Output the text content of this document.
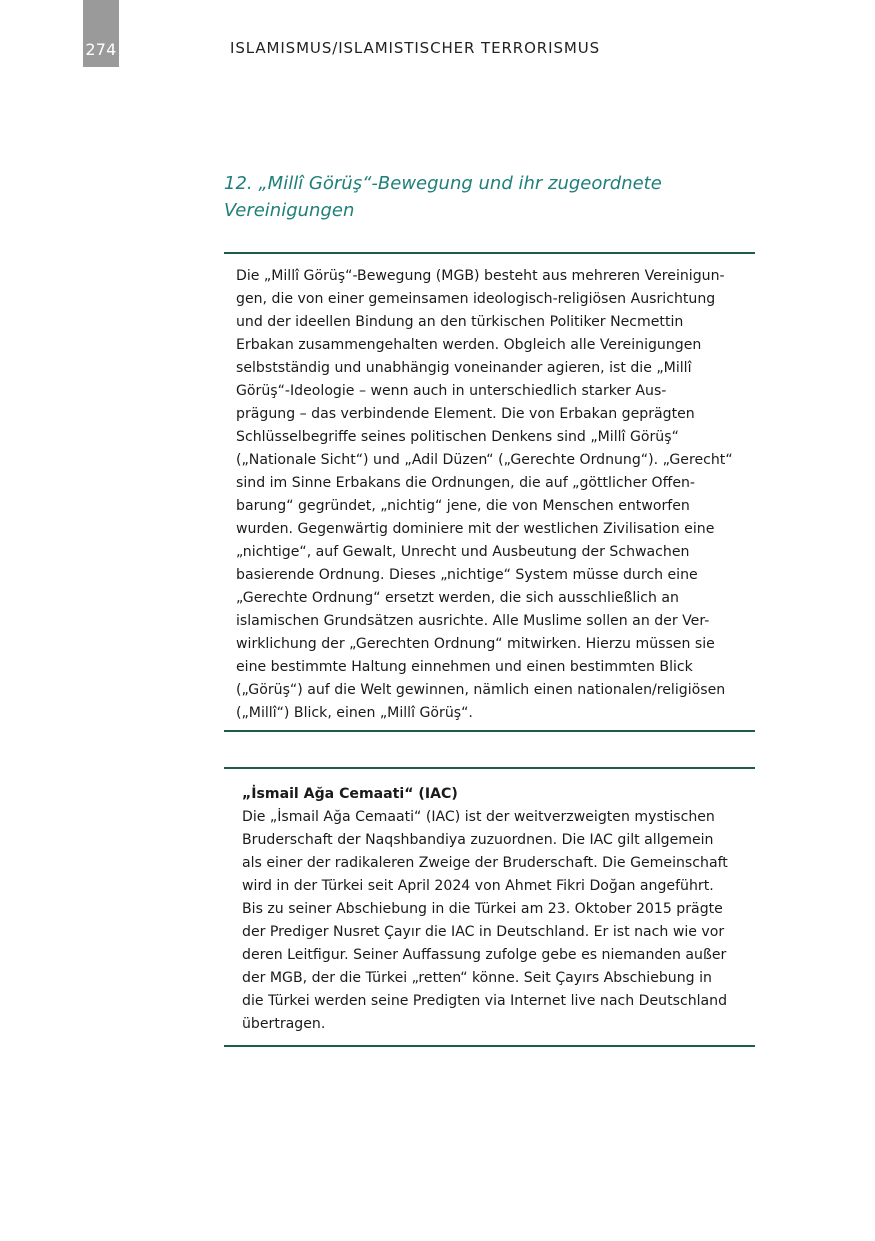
274	ISLAMISMUS/ISLAMISTISCHER TERRORISMUS
12. „Millî Görüş“-Bewegung und ihr zugeordnete
Vereinigungen

Die „Millî Görüş“-Bewegung (MGB) besteht aus mehreren Vereinigun-
gen, die von einer gemeinsamen ideologisch-religiösen Ausrichtung
und der ideellen Bindung an den türkischen Politiker Necmettin
Erbakan zusammengehalten werden. Obgleich alle Vereinigungen
selbstständig und unabhängig voneinander agieren, ist die „Millî
Görüş“-Ideologie – wenn auch in unterschiedlich starker Aus-
prägung – das verbindende Element. Die von Erbakan geprägten
Schlüsselbegriffe seines politischen Denkens sind „Millî Görüş“
(„Nationale Sicht“) und „Adil Düzen“ („Gerechte Ordnung“). „Gerecht“
sind im Sinne Erbakans die Ordnungen, die auf „göttlicher Offen-
barung“ gegründet, „nichtig“ jene, die von Menschen entworfen
wurden. Gegenwärtig dominiere mit der westlichen Zivilisation eine
„nichtige“, auf Gewalt, Unrecht und Ausbeutung der Schwachen
basierende Ordnung. Dieses „nichtige“ System müsse durch eine
„Gerechte Ordnung“ ersetzt werden, die sich ausschließlich an
islamischen Grundsätzen ausrichte. Alle Muslime sollen an der Ver-
wirklichung der „Gerechten Ordnung“ mitwirken. Hierzu müssen sie
eine bestimmte Haltung einnehmen und einen bestimmten Blick
(„Görüş“) auf die Welt gewinnen, nämlich einen nationalen/religiösen
(„Millî“) Blick, einen „Millî Görüş“.

„İsmail Ağa Cemaati“ (IAC)

Die „İsmail Ağa Cemaati“ (IAC) ist der weitverzweigten mystischen
Bruderschaft der Naqshbandiya zuzuordnen. Die IAC gilt allgemein
als einer der radikaleren Zweige der Bruderschaft. Die Gemeinschaft
wird in der Türkei seit April 2024 von Ahmet Fikri Doğan angeführt.
Bis zu seiner Abschiebung in die Türkei am 23. Oktober 2015 prägte
der Prediger Nusret Çayır die IAC in Deutschland. Er ist nach wie vor
deren Leitfigur. Seiner Auffassung zufolge gebe es niemanden außer
der MGB, der die Türkei „retten“ könne. Seit Çayırs Abschiebung in
die Türkei werden seine Predigten via Internet live nach Deutschland
übertragen.
